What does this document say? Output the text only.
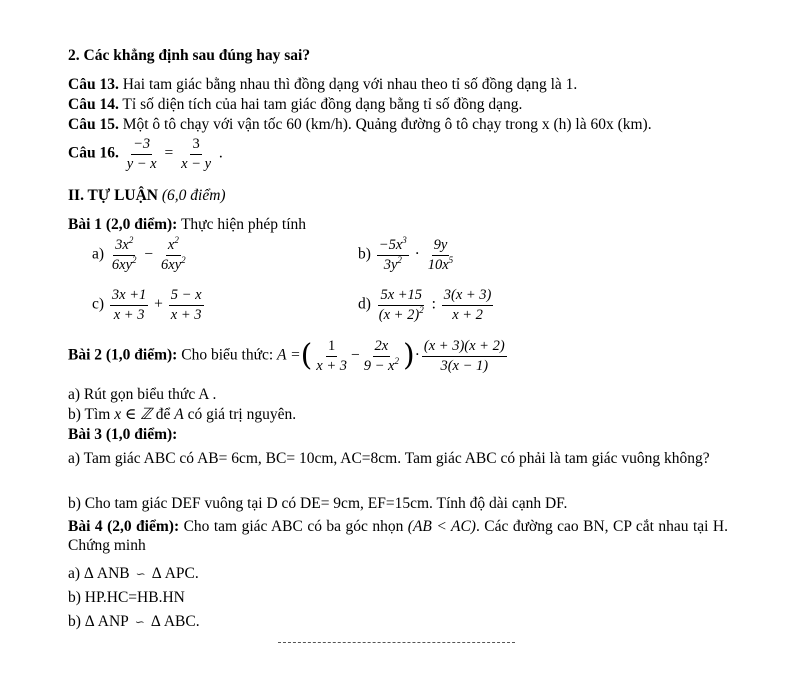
2. Các khẳng định sau đúng hay sai?
Câu 13. Hai tam giác bằng nhau thì đồng dạng với nhau theo tỉ số đồng dạng là 1.
Câu 14. Tỉ số diện tích của hai tam giác đồng dạng bằng tỉ số đồng dạng.
Câu 15. Một ô tô chạy với vận tốc 60 (km/h). Quảng đường ô tô chạy trong x (h) là 60x (km).
Câu 16. $\frac{-3}{y - x} = \frac{3}{x - y}$ .
II. TỰ LUẬN (6,0 điểm)
Bài 1 (2,0 điểm): Thực hiện phép tính
$a) \frac{3x^2}{6xy^2} - \frac{x^2}{6xy^2}$	$b) \frac{-5x^3}{3y^2} \cdot \frac{9y}{10x^5}$
$c) \frac{3x +1}{x + 3} + \frac{5 - x}{x + 3}$	$d) \frac{5x +15}{(x + 2)^2}$ : $\frac{3(x + 3)}{x + 2}$
Bài 2 (1,0 điểm): Cho biểu thức: A =( $\frac{1}{x + 3} - \frac{2x}{9 - x^2}$ )· $\frac{(x + 3)(x + 2)}{3(x - 1)}$
a) Rút gọn biểu thức A .
b) Tìm x ∈ ℤ để A có giá trị nguyên.
Bài 3 (1,0 điểm):
a) Tam giác ABC có AB= 6cm, BC= 10cm, AC=8cm. Tam giác ABC có phải là tam giác vuông không?
b) Cho tam giác DEF vuông tại D có DE= 9cm, EF=15cm. Tính độ dài cạnh DF.
Bài 4 (2,0 điểm): Cho tam giác ABC có ba góc nhọn (AB < AC). Các đường cao BN, CP cắt nhau tại H. Chứng minh
a) Δ ANB ∽ Δ APC.
b) HP.HC=HB.HN
b) Δ ANP ∽ Δ ABC.
